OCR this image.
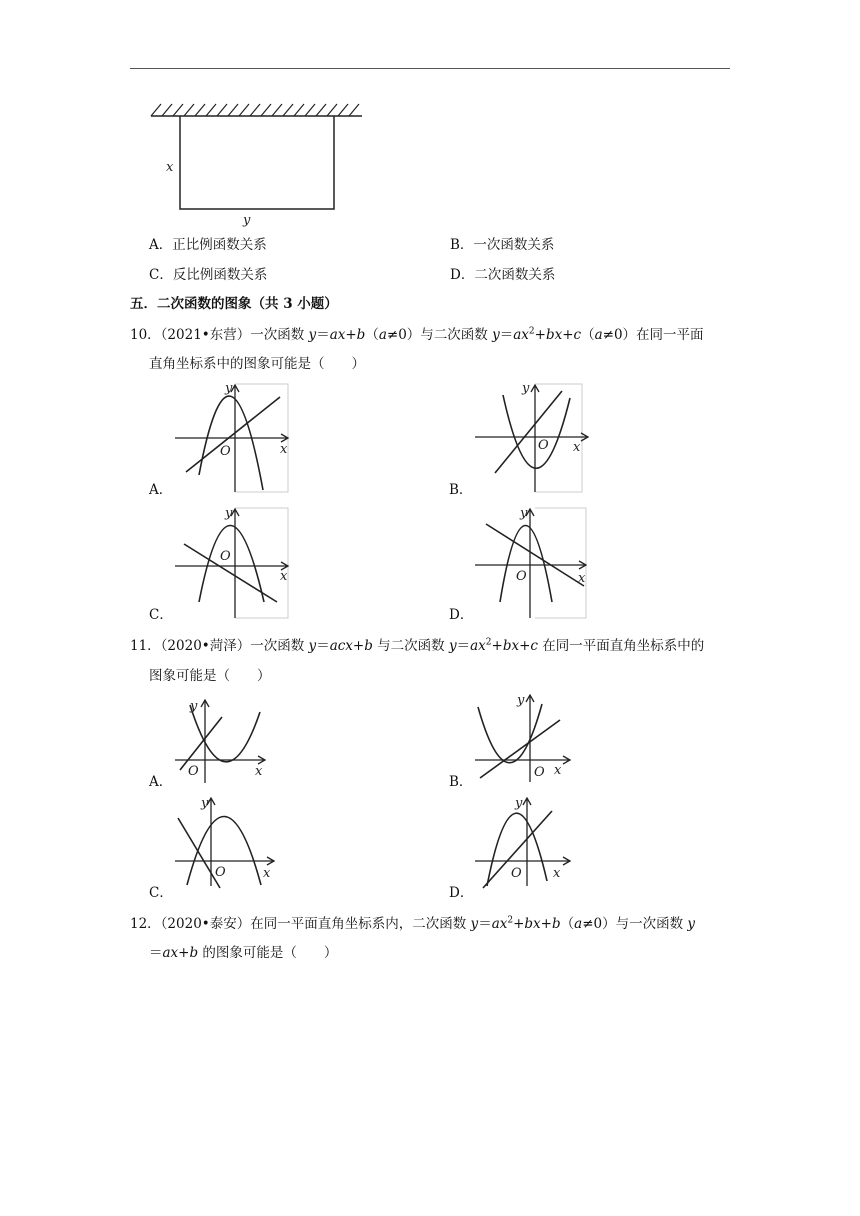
x
y
A．正比例函数关系	B．一次函数关系
C．反比例函数关系	D．二次函数关系
五．二次函数的图象（共 3 小题）
10．（2021•东营）一次函数 y＝ax+b（a≠0）与二次函数 $y=ax^2+bx+c(a\ne 0)$在同一平面
直角坐标系中的图象可能是（　　）
y
O	x
A．
y
O x
B．
y
O
x
C．
y
O	x
D．
11．（2020•菏泽）一次函数 y＝acx+b 与二次函数 $y=ax^2+bx+c$ 在同一平面直角坐标系中的
图象可能是（　　）
y
O	x
A．
y
O x
B．
y
O	x
C．
y
O x
D．
12．（2020•泰安）在同一平面直角坐标系内，二次函数 $y=ax^2+bx+b(a\ne 0)$与一次函数 y
＝ax+b 的图象可能是（　　）
